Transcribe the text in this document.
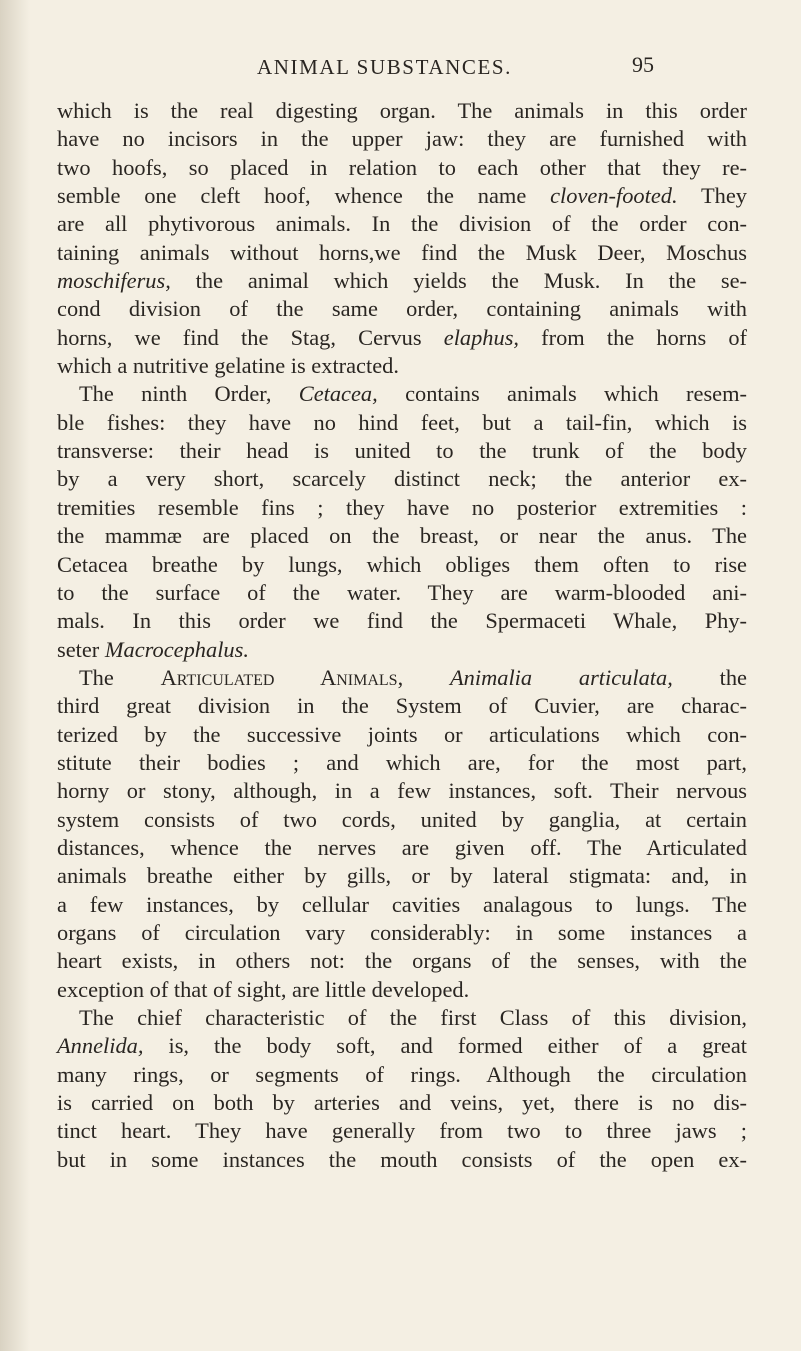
ANIMAL SUBSTANCES.	95
which is the real digesting organ. The animals in this order
have no incisors in the upper jaw: they are furnished with
two hoofs, so placed in relation to each other that they re-
semble one cleft hoof, whence the name cloven-footed. They
are all phytivorous animals. In the division of the order con-
taining animals without horns,we find the Musk Deer, Moschus
moschiferus, the animal which yields the Musk. In the se-
cond division of the same order, containing animals with
horns, we find the Stag, Cervus elaphus, from the horns of
which a nutritive gelatine is extracted.
The ninth Order, Cetacea, contains animals which resem-
ble fishes: they have no hind feet, but a tail-fin, which is
transverse: their head is united to the trunk of the body
by a very short, scarcely distinct neck; the anterior ex-
tremities resemble fins ; they have no posterior extremities :
the mammæ are placed on the breast, or near the anus. The
Cetacea breathe by lungs, which obliges them often to rise
to the surface of the water. They are warm-blooded ani-
mals. In this order we find the Spermaceti Whale, Phy-
seter Macrocephalus.
The Articulated Animals, Animalia articulata, the
third great division in the System of Cuvier, are charac-
terized by the successive joints or articulations which con-
stitute their bodies ; and which are, for the most part,
horny or stony, although, in a few instances, soft. Their nervous
system consists of two cords, united by ganglia, at certain
distances, whence the nerves are given off. The Articulated
animals breathe either by gills, or by lateral stigmata: and, in
a few instances, by cellular cavities analagous to lungs. The
organs of circulation vary considerably: in some instances a
heart exists, in others not: the organs of the senses, with the
exception of that of sight, are little developed.
The chief characteristic of the first Class of this division,
Annelida, is, the body soft, and formed either of a great
many rings, or segments of rings. Although the circulation
is carried on both by arteries and veins, yet, there is no dis-
tinct heart. They have generally from two to three jaws ;
but in some instances the mouth consists of the open ex-
